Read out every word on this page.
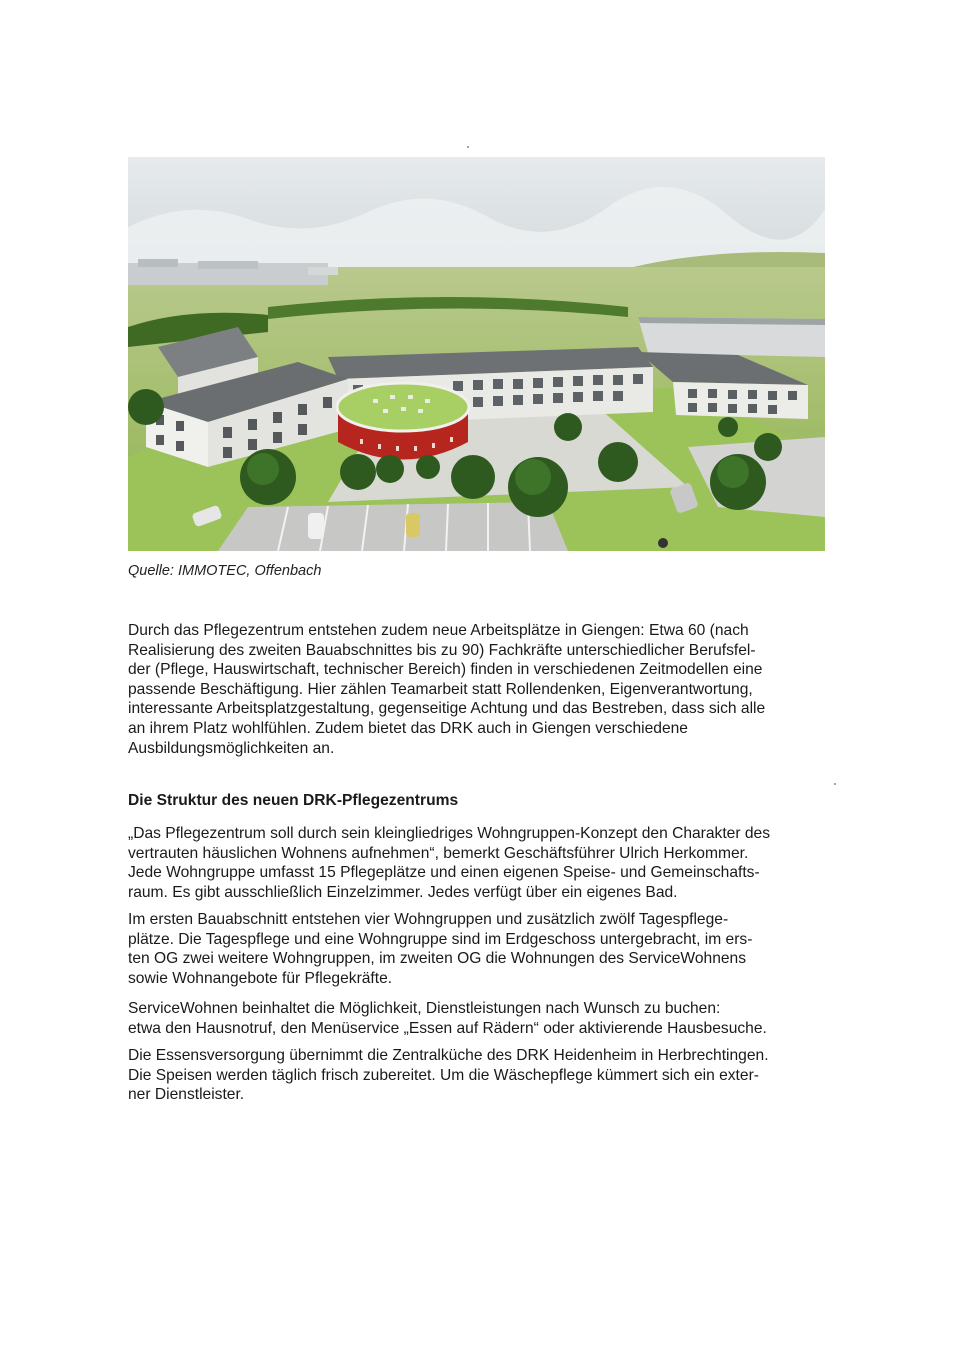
Quelle: IMMOTEC, Offenbach

Durch das Pflegezentrum entstehen zudem neue Arbeitsplätze in Giengen: Etwa 60 (nach
Realisierung des zweiten Bauabschnittes bis zu 90) Fachkräfte unterschiedlicher Berufsfel-
der (Pflege, Hauswirtschaft, technischer Bereich) finden in verschiedenen Zeitmodellen eine
passende Beschäftigung. Hier zählen Teamarbeit statt Rollendenken, Eigenverantwortung,
interessante Arbeitsplatzgestaltung, gegenseitige Achtung und das Bestreben, dass sich alle
an ihrem Platz wohlfühlen. Zudem bietet das DRK auch in Giengen verschiedene
Ausbildungsmöglichkeiten an.

Die Struktur des neuen DRK-Pflegezentrums

„Das Pflegezentrum soll durch sein kleingliedriges Wohngruppen-Konzept den Charakter des
vertrauten häuslichen Wohnens aufnehmen“, bemerkt Geschäftsführer Ulrich Herkommer.
Jede Wohngruppe umfasst 15 Pflegeplätze und einen eigenen Speise- und Gemeinschafts-
raum. Es gibt ausschließlich Einzelzimmer. Jedes verfügt über ein eigenes Bad.

Im ersten Bauabschnitt entstehen vier Wohngruppen und zusätzlich zwölf Tagespflege-
plätze. Die Tagespflege und eine Wohngruppe sind im Erdgeschoss untergebracht, im ers-
ten OG zwei weitere Wohngruppen, im zweiten OG die Wohnungen des ServiceWohnens
sowie Wohnangebote für Pflegekräfte.

ServiceWohnen beinhaltet die Möglichkeit, Dienstleistungen nach Wunsch zu buchen:
etwa den Hausnotruf, den Menüservice „Essen auf Rädern“ oder aktivierende Hausbesuche.

Die Essensversorgung übernimmt die Zentralküche des DRK Heidenheim in Herbrechtingen.
Die Speisen werden täglich frisch zubereitet. Um die Wäschepflege kümmert sich ein exter-
ner Dienstleister.
